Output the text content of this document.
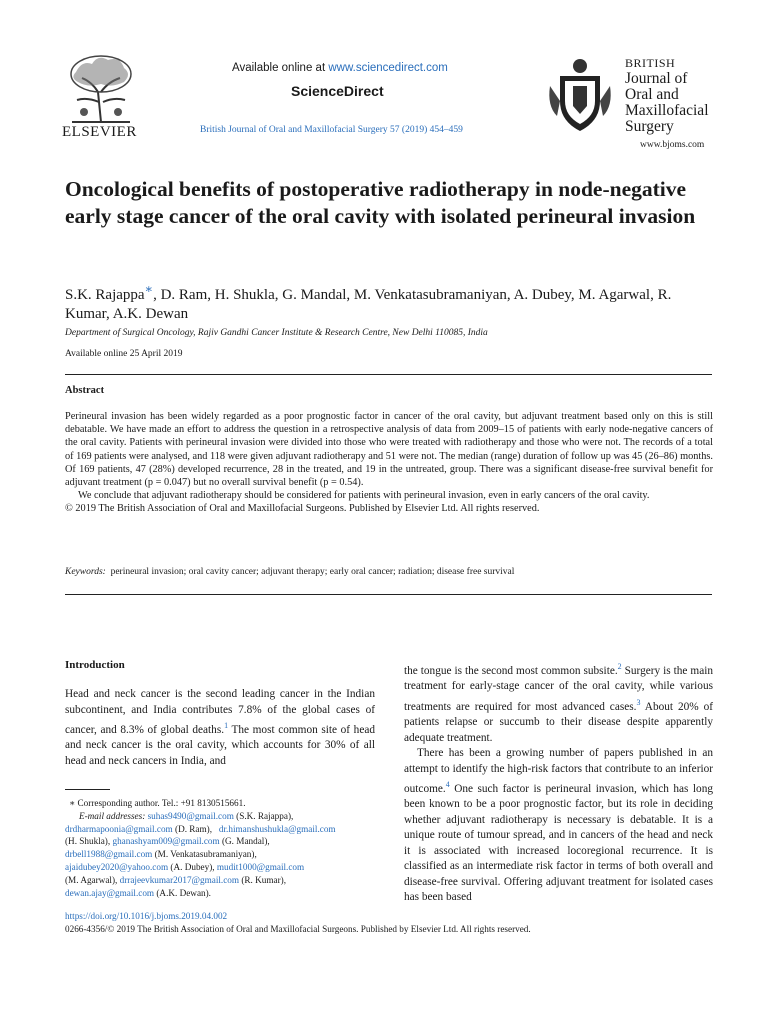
ELSEVIER
Available online at www.sciencedirect.com
ScienceDirect
British Journal of Oral and Maxillofacial Surgery 57 (2019) 454–459
BRITISH
Journal of
Oral and
Maxillofacial
Surgery
www.bjoms.com
Oncological benefits of postoperative radiotherapy in node-negative early stage cancer of the oral cavity with isolated perineural invasion
S.K. Rajappa∗, D. Ram, H. Shukla, G. Mandal, M. Venkatasubramaniyan, A. Dubey, M. Agarwal, R. Kumar, A.K. Dewan
Department of Surgical Oncology, Rajiv Gandhi Cancer Institute & Research Centre, New Delhi 110085, India
Available online 25 April 2019
Abstract

Perineural invasion has been widely regarded as a poor prognostic factor in cancer of the oral cavity, but adjuvant treatment based only on this is still debatable. We have made an effort to address the question in a retrospective analysis of data from 2009–15 of patients with early node-negative cancers of the oral cavity. Patients with perineural invasion were divided into those who were treated with radiotherapy and those who were not. The records of a total of 169 patients were analysed, and 118 were given adjuvant radiotherapy and 51 were not. The median (range) duration of follow up was 45 (26–86) months. Of 169 patients, 47 (28%) developed recurrence, 28 in the treated, and 19 in the untreated, group. There was a significant disease-free survival benefit for adjuvant treatment (p = 0.047) but no overall survival benefit (p = 0.54).

We conclude that adjuvant radiotherapy should be considered for patients with perineural invasion, even in early cancers of the oral cavity.

© 2019 The British Association of Oral and Maxillofacial Surgeons. Published by Elsevier Ltd. All rights reserved.

Keywords: perineural invasion; oral cavity cancer; adjuvant therapy; early oral cancer; radiation; disease free survival
Introduction

Head and neck cancer is the second leading cancer in the Indian subcontinent, and India contributes 7.8% of the global cases of cancer, and 8.3% of global deaths.$^1$ The most common site of head and neck cancer is the oral cavity, which accounts for 30% of all head and neck cancers in India, and

the tongue is the second most common subsite.$^2$ Surgery is the main treatment for early-stage cancer of the oral cavity, while various treatments are required for most advanced cases.$^3$ About 20% of patients relapse or succumb to their disease despite apparently adequate treatment.

There has been a growing number of papers published in an attempt to identify the high-risk factors that contribute to an inferior outcome.$^4$ One such factor is perineural invasion, which has long been known to be a poor prognostic factor, but its role in deciding whether adjuvant radiotherapy is necessary is debatable. It is a unique route of tumour spread, and in cancers of the head and neck it is associated with increased locoregional recurrence. It is classified as an intermediate risk factor in terms of both overall and disease-free survival. Offering adjuvant treatment for isolated cases has been based

∗ Corresponding author. Tel.: +91 8130515661.

E-mail addresses: suhas9490@gmail.com (S.K. Rajappa),

drdharmapoonia@gmail.com (D. Ram),   dr.himanshushukla@gmail.com

(H. Shukla), ghanashyam009@gmail.com (G. Mandal),

drbell1988@gmail.com (M. Venkatasubramaniyan),

ajaidubey2020@yahoo.com (A. Dubey), mudit1000@gmail.com

(M. Agarwal), drrajeevkumar2017@gmail.com (R. Kumar),

dewan.ajay@gmail.com (A.K. Dewan).

https://doi.org/10.1016/j.bjoms.2019.04.002
0266-4356/© 2019 The British Association of Oral and Maxillofacial Surgeons. Published by Elsevier Ltd. All rights reserved.
